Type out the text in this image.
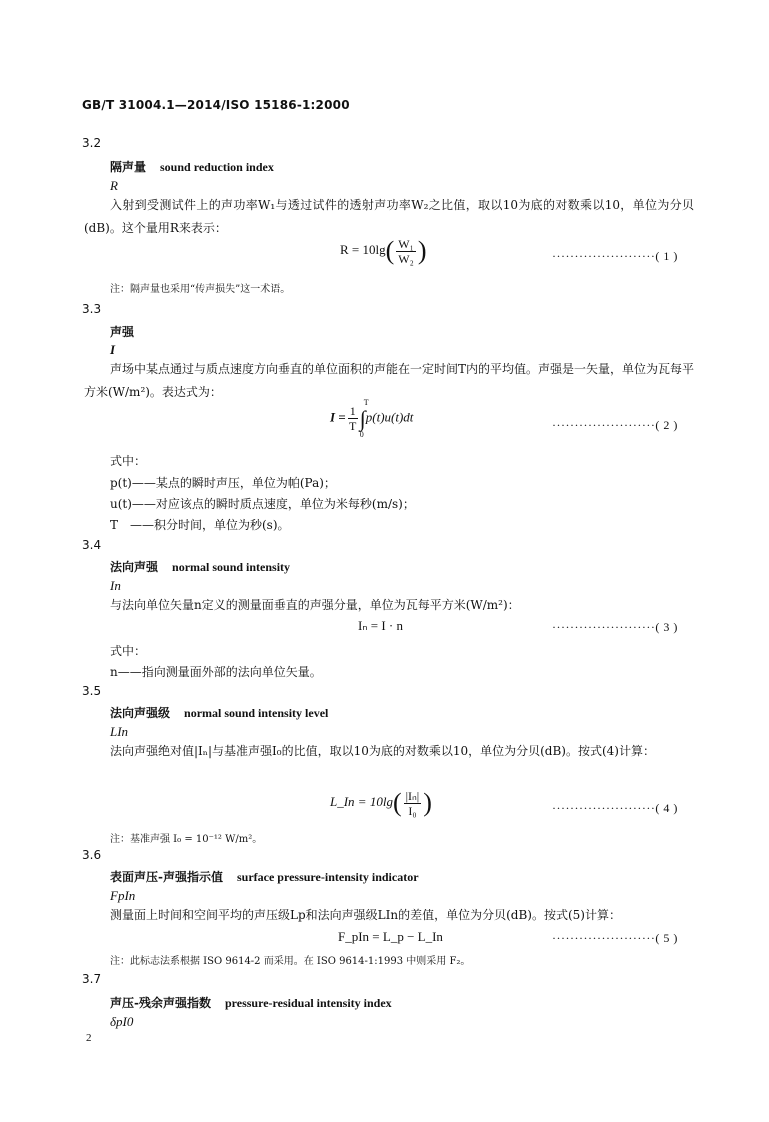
GB/T 31004.1—2014/ISO 15186-1:2000
3.2
隔声量 sound reduction index
R
入射到受测试件上的声功率W₁与透过试件的透射声功率W₂之比值，取以10为底的对数乘以10，单位为分贝(dB)。这个量用R来表示：
$R = 10\lg( \frac{\text{W₁}}{\text{W₂}}$ )	·······················( 1 )
注：隔声量也采用“传声损失”这一术语。
3.3
声强
I
声场中某点通过与质点速度方向垂直的单位面积的声能在一定时间T内的平均值。声强是一矢量，单位为瓦每平方米(W/m²)。表达式为：
$I = \frac{1}{T}$ ∫
T
0
p(t)u(t)dt
·······················( 2 )
式中：
p(t)——某点的瞬时声压，单位为帕(Pa)；
u(t)——对应该点的瞬时质点速度，单位为米每秒(m/s)；
T　——积分时间，单位为秒(s)。
3.4
法向声强 normal sound intensity
In
与法向单位矢量n定义的测量面垂直的声强分量，单位为瓦每平方米(W/m²)：
Iₙ = I · n	·······················( 3 )
式中：
n——指向测量面外部的法向单位矢量。
3.5
法向声强级 normal sound intensity level
LIn
法向声强绝对值|Iₙ|与基准声强I₀的比值，取以10为底的对数乘以10，单位为分贝(dB)。按式(4)计算：
L_In = $10\lg( \frac{\text{|Iₙ|}}{\text{I₀}}$ )	·······················( 4 )
注：基准声强 I₀ = 10⁻¹² W/m²。
3.6
表面声压-声强指示值 surface pressure-intensity indicator
FpIn
测量面上时间和空间平均的声压级Lp和法向声强级LIn的差值，单位为分贝(dB)。按式(5)计算：
F_pIn = L_p − L_In	·······················( 5 )
注：此标志法系根据 ISO 9614-2 而采用。在 ISO 9614-1:1993 中则采用 F₂。
3.7
声压-残余声强指数 pressure-residual intensity index
δpI0
2
